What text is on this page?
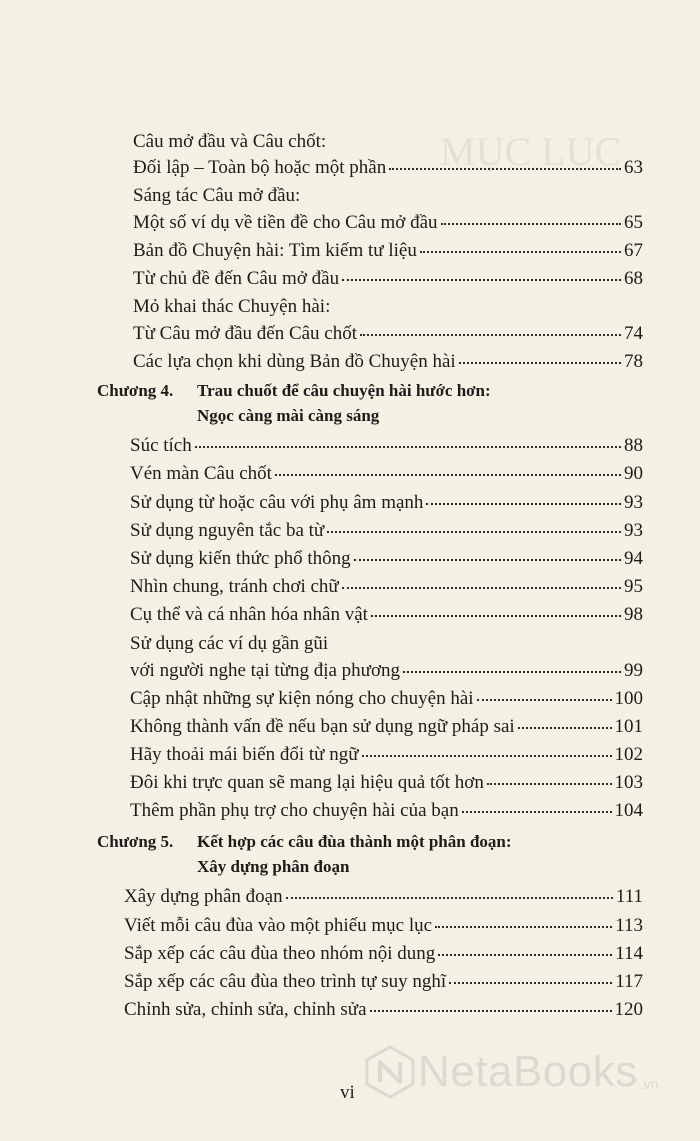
MỤC LỤC
Câu mở đầu và Câu chốt:
Đối lập – Toàn bộ hoặc một phần	63
Sáng tác Câu mở đầu:
Một số ví dụ về tiền đề cho Câu mở đầu	65
Bản đồ Chuyện hài: Tìm kiếm tư liệu	67
Từ chủ đề đến Câu mở đầu	68
Mỏ khai thác Chuyện hài:
Từ Câu mở đầu đến Câu chốt	74
Các lựa chọn khi dùng Bản đồ Chuyện hài	78
Chương 4.	Trau chuốt để câu chuyện hài hước hơn:
Ngọc càng mài càng sáng
Súc tích	88
Vén màn Câu chốt	90
Sử dụng từ hoặc câu với phụ âm mạnh	93
Sử dụng nguyên tắc ba từ	93
Sử dụng kiến thức phổ thông	94
Nhìn chung, tránh chơi chữ	95
Cụ thể và cá nhân hóa nhân vật	98
Sử dụng các ví dụ gần gũi
với người nghe tại từng địa phương	99
Cập nhật những sự kiện nóng cho chuyện hài	100
Không thành vấn đề nếu bạn sử dụng ngữ pháp sai	101
Hãy thoải mái biến đổi từ ngữ	102
Đôi khi trực quan sẽ mang lại hiệu quả tốt hơn	103
Thêm phần phụ trợ cho chuyện hài của bạn	104
Chương 5.	Kết hợp các câu đùa thành một phân đoạn:
Xây dựng phân đoạn
Xây dựng phân đoạn	111
Viết mỗi câu đùa vào một phiếu mục lục	113
Sắp xếp các câu đùa theo nhóm nội dung	114
Sắp xếp các câu đùa theo trình tự suy nghĩ	117
Chỉnh sửa, chỉnh sửa, chỉnh sửa	120
vi NetaBooks .vn
